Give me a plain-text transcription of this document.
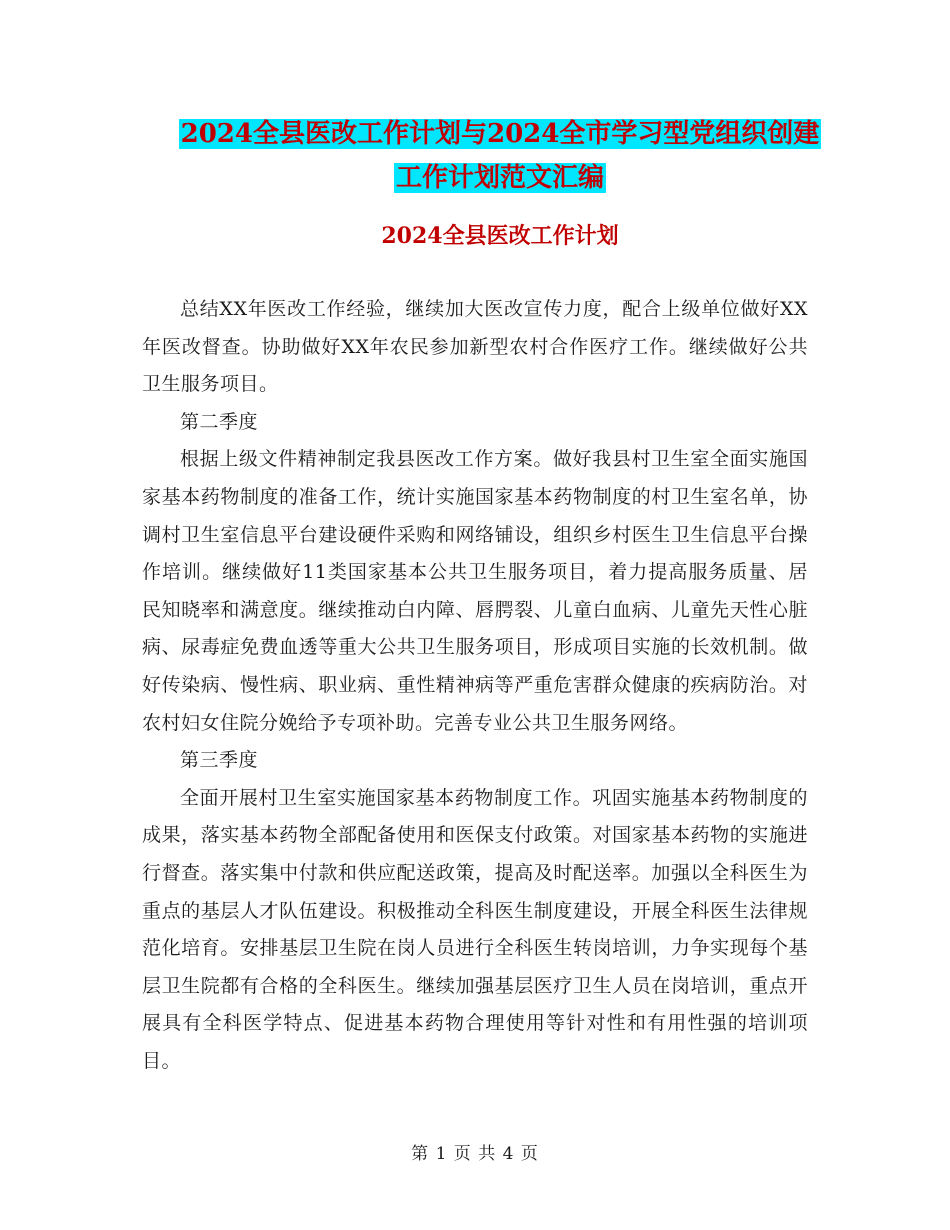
2024全县医改工作计划与2024全市学习型党组织创建
工作计划范文汇编
2024全县医改工作计划

总结XX年医改工作经验，继续加大医改宣传力度，配合上级单位做好XX年医改督查。协助做好XX年农民参加新型农村合作医疗工作。继续做好公共卫生服务项目。

第二季度

根据上级文件精神制定我县医改工作方案。做好我县村卫生室全面实施国家基本药物制度的准备工作，统计实施国家基本药物制度的村卫生室名单，协调村卫生室信息平台建设硬件采购和网络铺设，组织乡村医生卫生信息平台操作培训。继续做好11类国家基本公共卫生服务项目，着力提高服务质量、居民知晓率和满意度。继续推动白内障、唇腭裂、儿童白血病、儿童先天性心脏病、尿毒症免费血透等重大公共卫生服务项目，形成项目实施的长效机制。做好传染病、慢性病、职业病、重性精神病等严重危害群众健康的疾病防治。对农村妇女住院分娩给予专项补助。完善专业公共卫生服务网络。

第三季度

全面开展村卫生室实施国家基本药物制度工作。巩固实施基本药物制度的成果，落实基本药物全部配备使用和医保支付政策。对国家基本药物的实施进行督查。落实集中付款和供应配送政策，提高及时配送率。加强以全科医生为重点的基层人才队伍建设。积极推动全科医生制度建设，开展全科医生法律规范化培育。安排基层卫生院在岗人员进行全科医生转岗培训，力争实现每个基层卫生院都有合格的全科医生。继续加强基层医疗卫生人员在岗培训，重点开展具有全科医学特点、促进基本药物合理使用等针对性和有用性强的培训项目。

第 1 页 共 4 页
